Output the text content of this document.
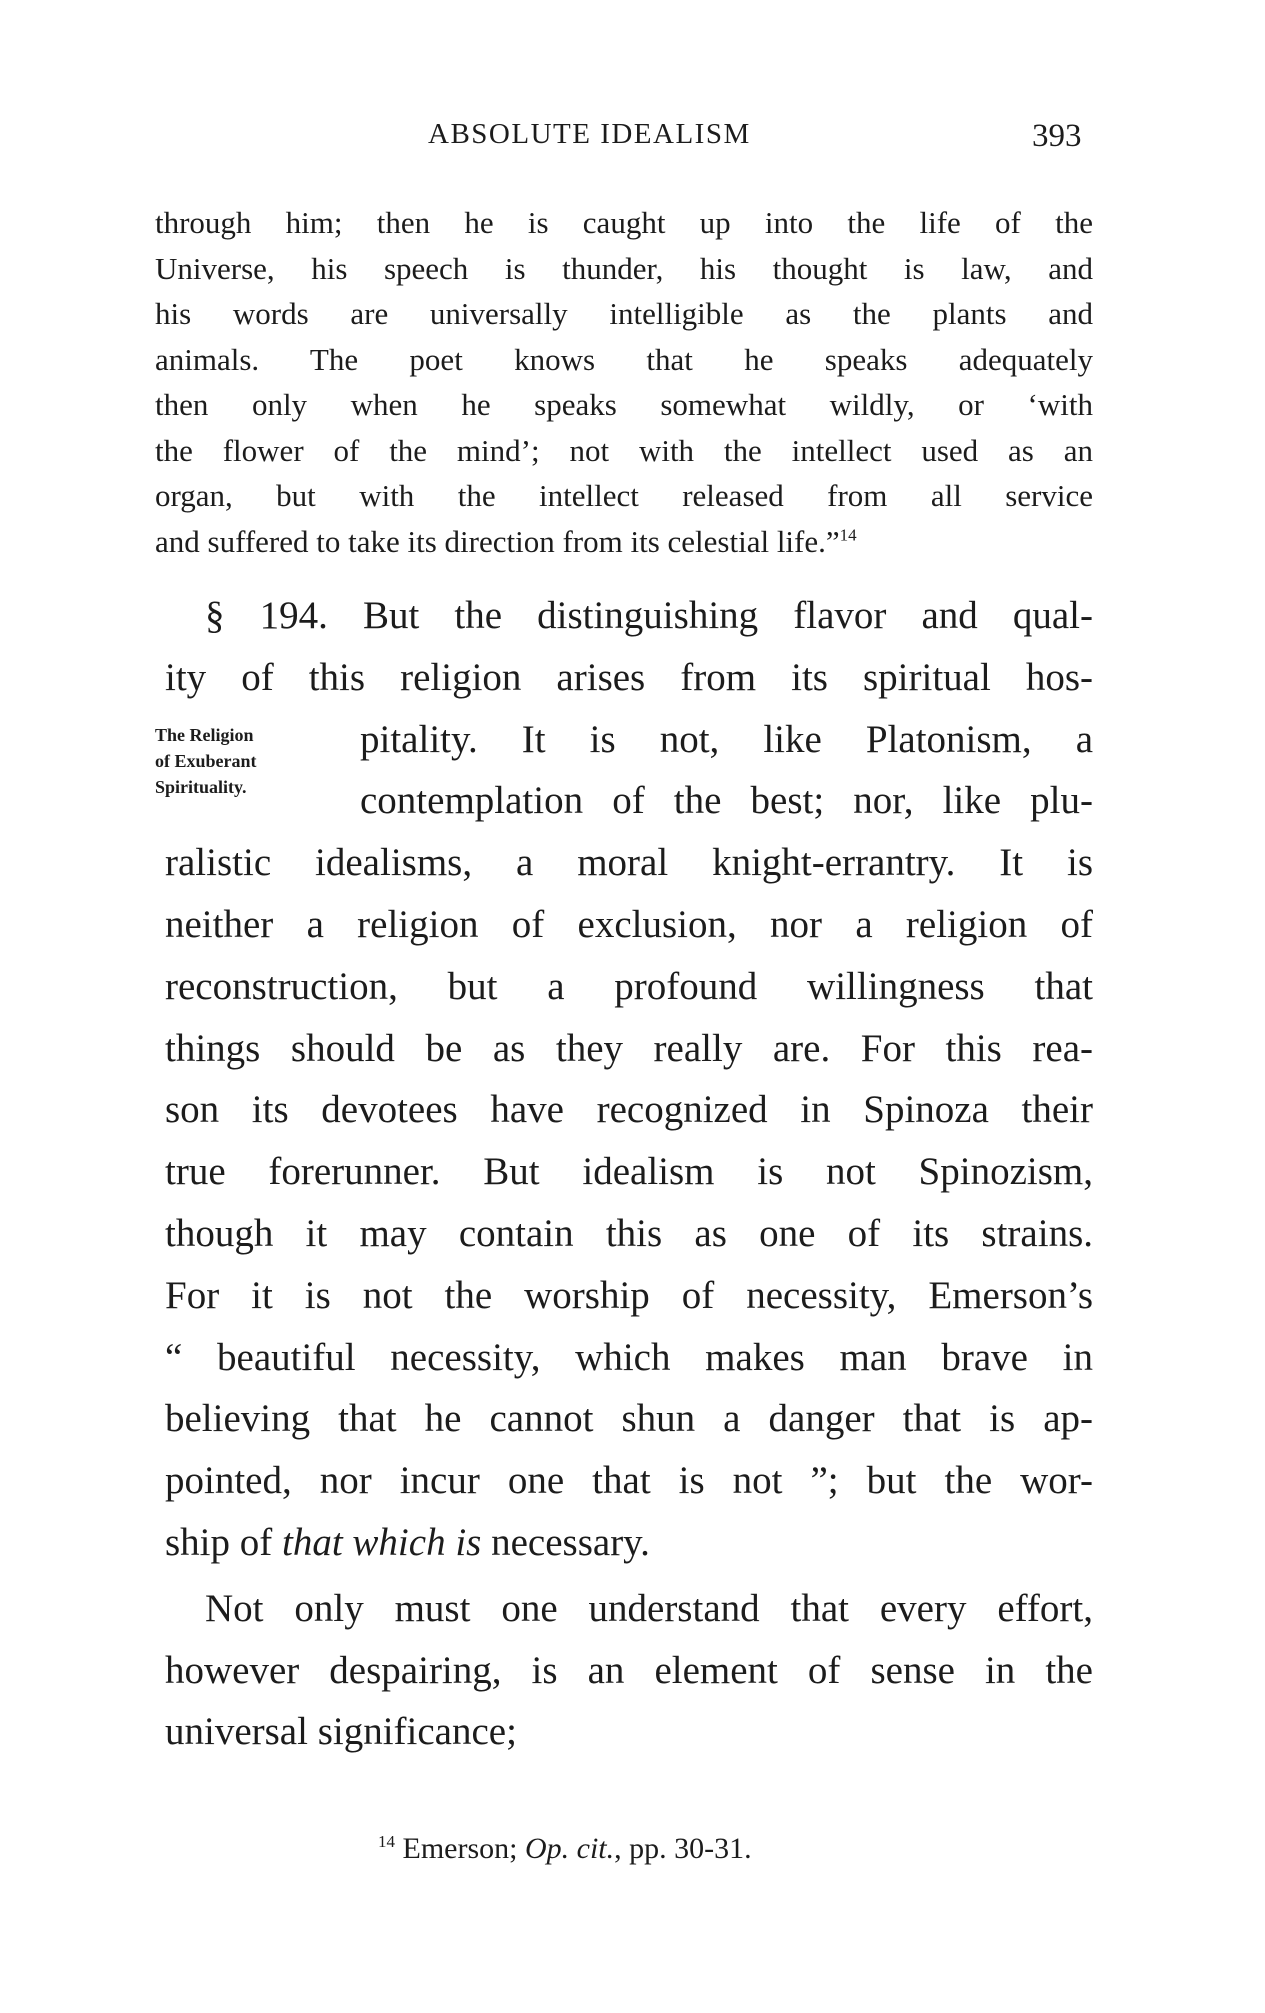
ABSOLUTE IDEALISM	393
through him; then he is caught up into the life of the
Universe, his speech is thunder, his thought is law, and
his words are universally intelligible as the plants and
animals. The poet knows that he speaks adequately
then only when he speaks somewhat wildly, or ‘with
the flower of the mind’; not with the intellect used as an
organ, but with the intellect released from all service
and suffered to take its direction from its celestial life.”$^{14}$
The Religion
of Exuberant
Spirituality.
§ 194. But the distinguishing flavor and qual-
ity of this religion arises from its spiritual hos-
pitality. It is not, like Platonism, a
contemplation of the best; nor, like plu-
ralistic idealisms, a moral knight-errantry. It is
neither a religion of exclusion, nor a religion of
reconstruction, but a profound willingness that
things should be as they really are. For this rea-
son its devotees have recognized in Spinoza their
true forerunner. But idealism is not Spinozism,
though it may contain this as one of its strains.
For it is not the worship of necessity, Emerson’s
“ beautiful necessity, which makes man brave in
believing that he cannot shun a danger that is ap-
pointed, nor incur one that is not ”; but the wor-
ship of that which is necessary.
Not only must one understand that every effort,
however despairing, is an element of sense in the
universal significance;
$^{14}$ Emerson; Op. cit., pp. 30-31.
